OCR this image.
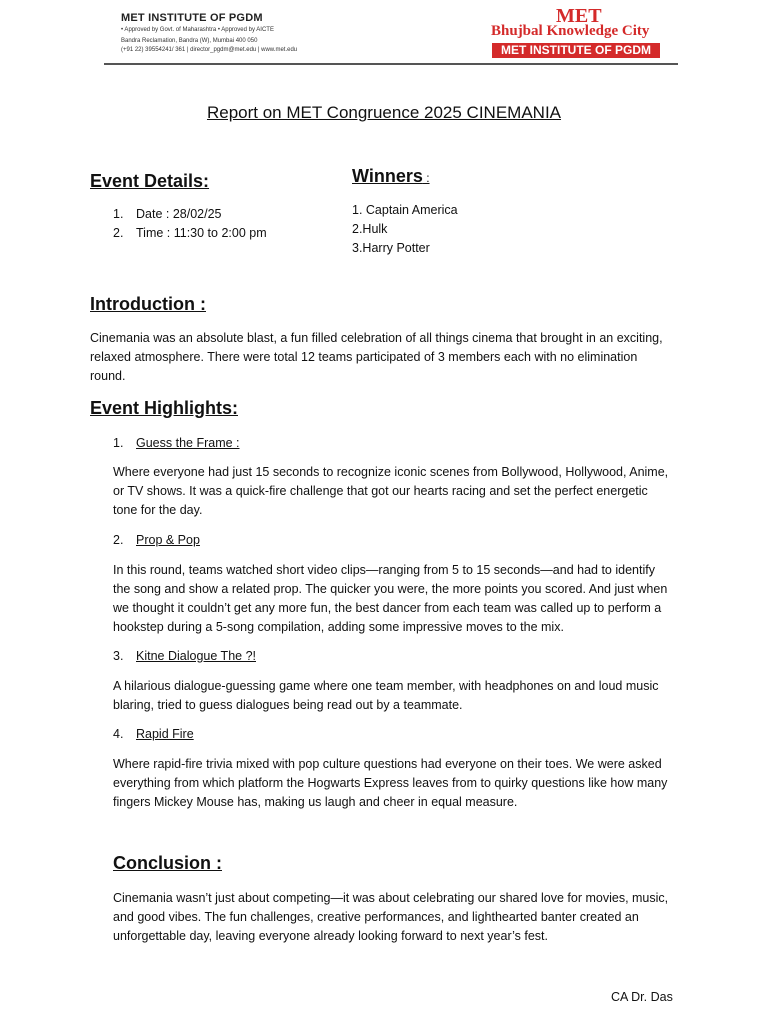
MET INSTITUTE OF PGDM
• Approved by Govt. of Maharashtra • Approved by AICTE
Bandra Reclamation, Bandra (W), Mumbai 400 050
(+91 22) 39554241/ 361 | director_pgdm@met.edu | www.met.edu
MET
Bhujbal Knowledge City
MET INSTITUTE OF PGDM
Report on MET Congruence 2025 CINEMANIA
Event Details:
1. Date : 28/02/25
2. Time : 11:30 to 2:00 pm
Winners :
1. Captain America
2.Hulk
3.Harry Potter
Introduction :

Cinemania was an absolute blast, a fun filled celebration of all things cinema that brought in an exciting,

relaxed atmosphere. There were total 12 teams participated of 3 members each with no elimination

round.

Event Highlights:
1. Guess the Frame :

Where everyone had just 15 seconds to recognize iconic scenes from Bollywood, Hollywood, Anime,

or TV shows. It was a quick-fire challenge that got our hearts racing and set the perfect energetic

tone for the day.

2. Prop & Pop

In this round, teams watched short video clips—ranging from 5 to 15 seconds—and had to identify

the song and show a related prop. The quicker you were, the more points you scored. And just when

we thought it couldn’t get any more fun, the best dancer from each team was called up to perform a

hookstep during a 5-song compilation, adding some impressive moves to the mix.

3. Kitne Dialogue The ?!

A hilarious dialogue-guessing game where one team member, with headphones on and loud music

blaring, tried to guess dialogues being read out by a teammate.

4. Rapid Fire

Where rapid-fire trivia mixed with pop culture questions had everyone on their toes. We were asked

everything from which platform the Hogwarts Express leaves from to quirky questions like how many

fingers Mickey Mouse has, making us laugh and cheer in equal measure.

Conclusion :

Cinemania wasn’t just about competing—it was about celebrating our shared love for movies, music,

and good vibes. The fun challenges, creative performances, and lighthearted banter created an

unforgettable day, leaving everyone already looking forward to next year’s fest.

CA Dr. Das
